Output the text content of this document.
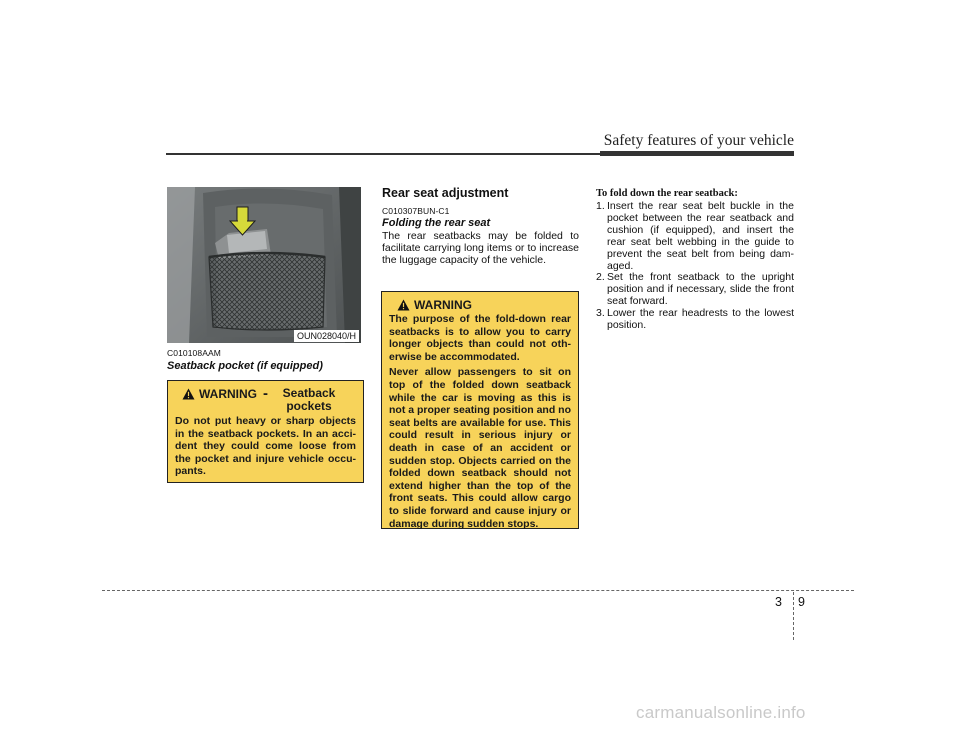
Safety features of your vehicle
OUN028040/H
C010108AAM
Seatback pocket (if equipped)
WARNING -	Seatback pockets

Do not put heavy or sharp objects in the seatback pockets. In an acci-dent they could come loose from the pocket and injure vehicle occu-pants.

Rear seat adjustment
C010307BUN-C1
Folding the rear seat
The rear seatbacks may be folded to facilitate carrying long items or to increase the luggage capacity of the vehicle.
WARNING

The purpose of the fold-down rear seatbacks is to allow you to carry longer objects than could not oth-erwise be accommodated.

Never allow passengers to sit on top of the folded down seatback while the car is moving as this is not a proper seating position and no seat belts are available for use. This could result in serious injury or death in case of an accident or sudden stop. Objects carried on the folded down seatback should not extend higher than the top of the front seats. This could allow cargo to slide forward and cause injury or damage during sudden stops.

To fold down the rear seatback:
1. Insert the rear seat belt buckle in the pocket between the rear seatback and cushion (if equipped), and insert the rear seat belt webbing in the guide to prevent the seat belt from being dam-aged.
2. Set the front seatback to the upright position and if necessary, slide the front seat forward.
3. Lower the rear headrests to the lowest position.
3 9
carmanualsonline.info
